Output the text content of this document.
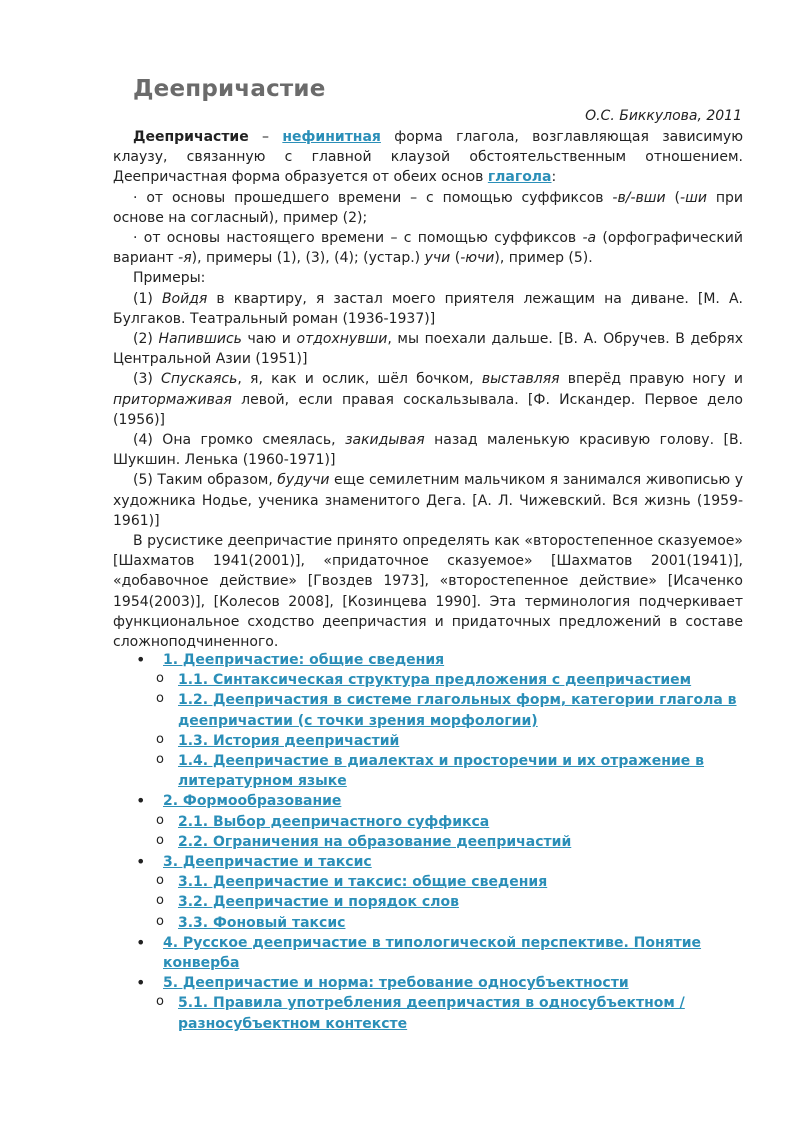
Деепричастие
О.С. Биккулова, 2011

Деепричастие – нефинитная форма глагола, возглавляющая зависимую клаузу, связанную с главной клаузой обстоятельственным отношением. Деепричастная форма образуется от обеих основ глагола:

· от основы прошедшего времени – с помощью суффиксов -в/-вши (-ши при основе на согласный), пример (2);

· от основы настоящего времени – с помощью суффиксов -а (орфографический вариант -я), примеры (1), (3), (4); (устар.) учи (-ючи), пример (5).

Примеры:

(1) Войдя в квартиру, я застал моего приятеля лежащим на диване. [М. А. Булгаков. Театральный роман (1936-1937)]

(2) Напившись чаю и отдохнувши, мы поехали дальше. [В. А. Обручев. В дебрях Центральной Азии (1951)]

(3) Спускаясь, я, как и ослик, шёл бочком, выставляя вперёд правую ногу и притормаживая левой, если правая соскальзывала. [Ф. Искандер. Первое дело (1956)]

(4) Она громко смеялась, закидывая назад маленькую красивую голову. [В. Шукшин. Ленька (1960-1971)]

(5) Таким образом, будучи еще семилетним мальчиком я занимался живописью у художника Нодье, ученика знаменитого Дега. [А. Л. Чижевский. Вся жизнь (1959-1961)]

В русистике деепричастие принято определять как «второстепенное сказуемое» [Шахматов 1941(2001)], «придаточное сказуемое» [Шахматов 2001(1941)], «добавочное действие» [Гвоздев 1973], «второстепенное действие» [Исаченко 1954(2003)], [Колесов 2008], [Козинцева 1990]. Эта терминология подчеркивает функциональное сходство деепричастия и придаточных предложений в составе сложноподчиненного.

• 1. Деепричастие: общие сведения
o 1.1. Синтаксическая структура предложения с деепричастием
o 1.2. Деепричастия в системе глагольных форм, категории глагола в деепричастии (с точки зрения морфологии)
o 1.3. История деепричастий
o 1.4. Деепричастие в диалектах и просторечии и их отражение в литературном языке
• 2. Формообразование
o 2.1. Выбор деепричастного суффикса
o 2.2. Ограничения на образование деепричастий
• 3. Деепричастие и таксис
o 3.1. Деепричастие и таксис: общие сведения
o 3.2. Деепричастие и порядок слов
o 3.3. Фоновый таксис
• 4. Русское деепричастие в типологической перспективе. Понятие конверба
• 5. Деепричастие и норма: требование односубъектности
o 5.1. Правила употребления деепричастия в односубъектном / разносубъектном контексте
